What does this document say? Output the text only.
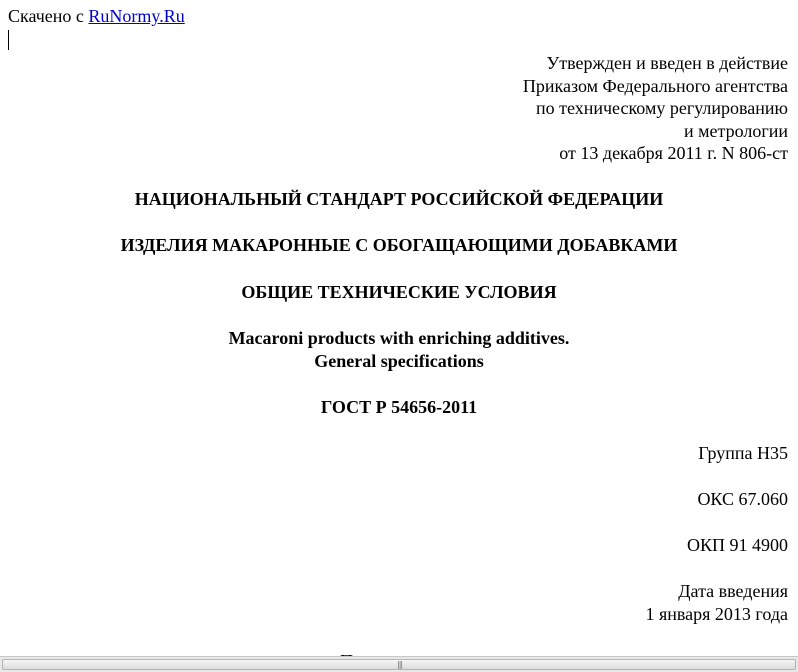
Скачено с RuNormy.Ru
Утвержден и введен в действие
Приказом Федерального агентства
по техническому регулированию
и метрологии
от 13 декабря 2011 г. N 806-ст
НАЦИОНАЛЬНЫЙ СТАНДАРТ РОССИЙСКОЙ ФЕДЕРАЦИИ
ИЗДЕЛИЯ МАКАРОННЫЕ С ОБОГАЩАЮЩИМИ ДОБАВКАМИ
ОБЩИЕ ТЕХНИЧЕСКИЕ УСЛОВИЯ
Macaroni products with enriching additives.
General specifications
ГОСТ Р 54656-2011
Группа Н35
ОКС 67.060
ОКП 91 4900
Дата введения
1 января 2013 года
|||
